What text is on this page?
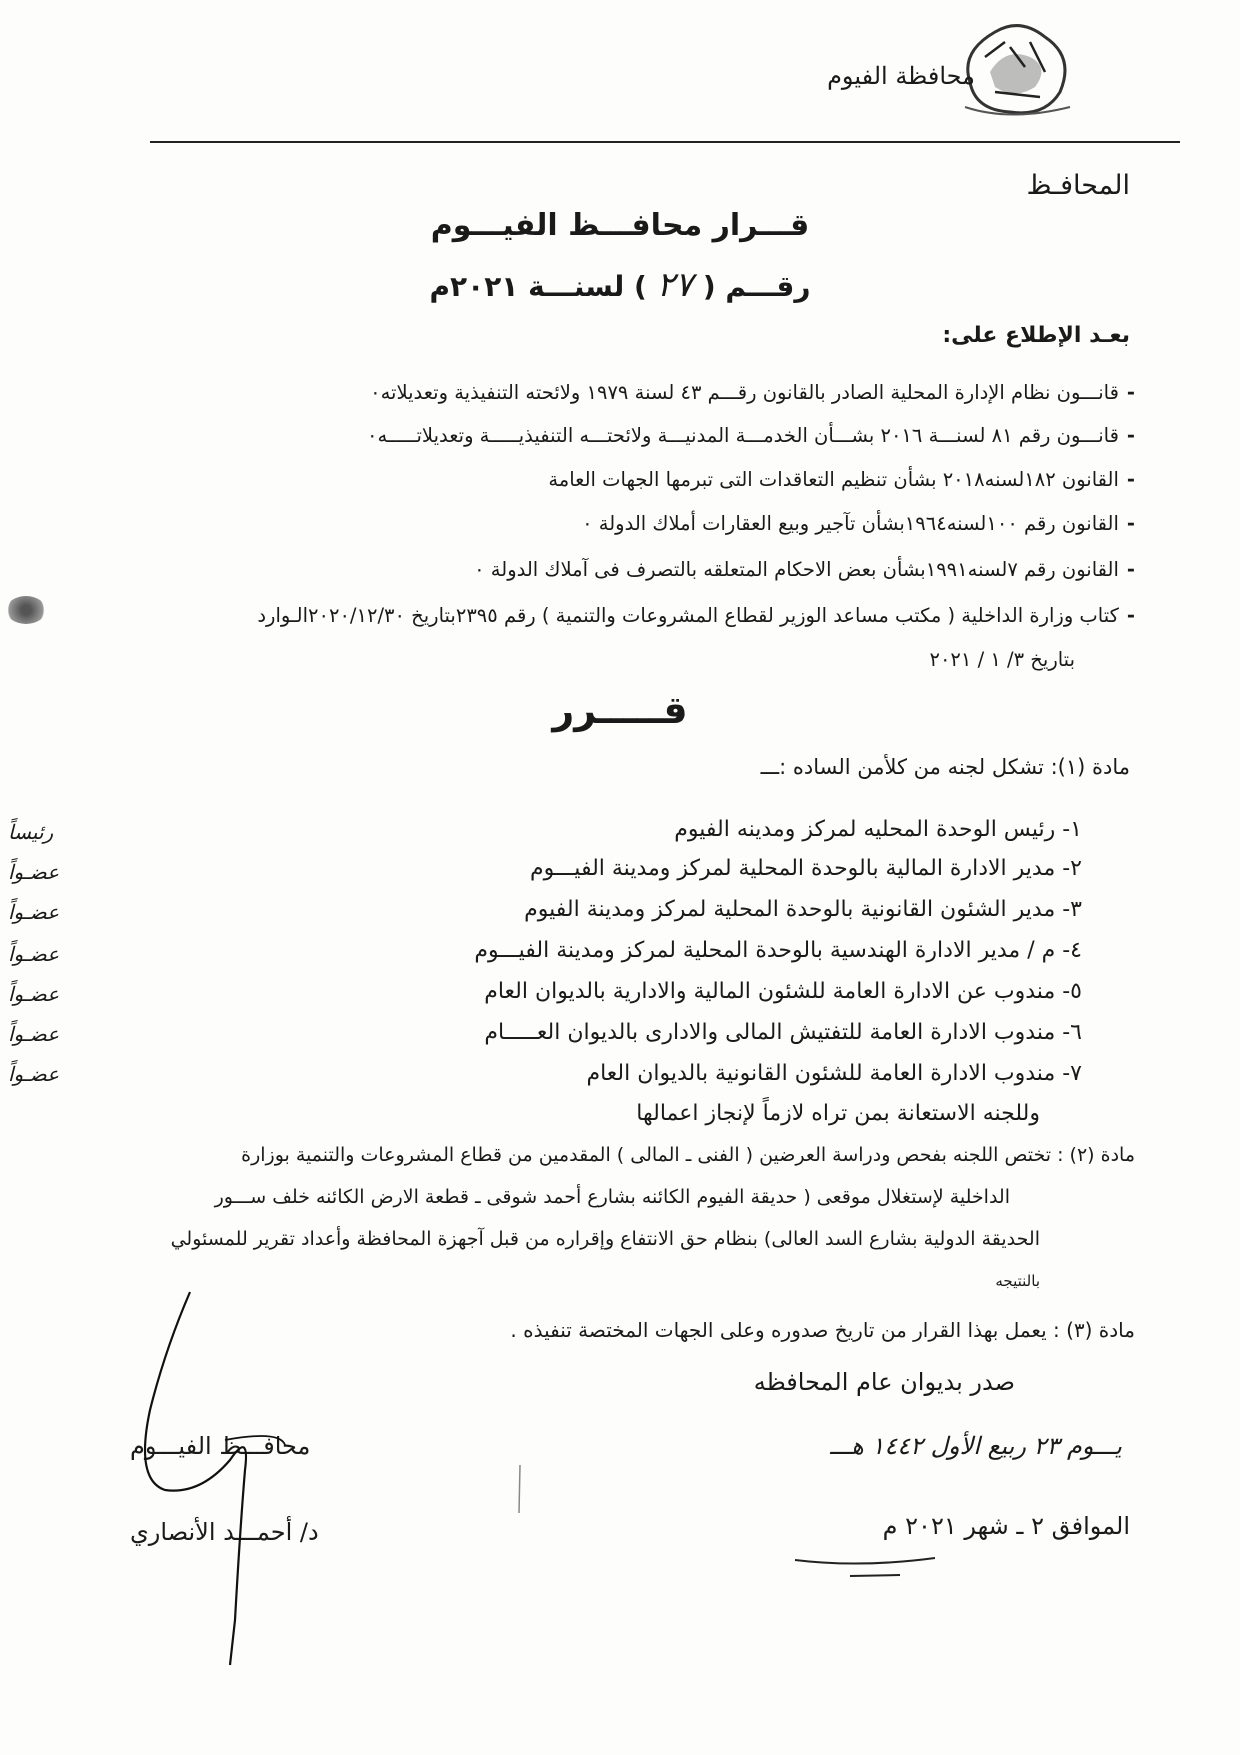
محافظة الفيوم
المحافـظ
قـــرار محافـــظ الفيـــوم
رقـــم ( ٢٧ ) لسنـــة ٢٠٢١م
بعـد الإطلاع على:
-قانـــون نظام الإدارة المحلية الصادر بالقانون رقـــم ٤٣ لسنة ١٩٧٩ ولائحته التنفيذية وتعديلاته٠
-قانـــون رقم ٨١ لسنـــة ٢٠١٦ بشـــأن الخدمـــة المدنيـــة ولائحتـــه التنفيذيـــــة وتعديلاتـــــه٠
-القانون ١٨٢لسنه٢٠١٨ بشأن تنظيم التعاقدات التى تبرمها الجهات العامة
-القانون رقم ١٠٠لسنه١٩٦٤بشأن تآجير وبيع العقارات أملاك الدولة ٠
-القانون رقم ٧لسنه١٩٩١بشأن بعض الاحكام المتعلقه بالتصرف فى آملاك الدولة ٠
-كتاب وزارة الداخلية ( مكتب مساعد الوزير لقطاع المشروعات والتنمية ) رقم ٢٣٩٥بتاريخ ٢٠٢٠/١٢/٣٠الـوارد
بتاريخ ٣/ ١ / ٢٠٢١
قـــــرر
مادة (١): تشكل لجنه من كلأمن الساده :ـــ
١- رئيس الوحدة المحليه لمركز ومدينه الفيوم
رئيساً
٢- مدير الادارة المالية بالوحدة المحلية لمركز ومدينة الفيـــوم
عضـواً
٣- مدير الشئون القانونية بالوحدة المحلية لمركز ومدينة الفيوم
عضـواً
٤- م / مدير الادارة الهندسية بالوحدة المحلية لمركز ومدينة الفيـــوم
عضـواً
٥- مندوب عن الادارة العامة للشئون المالية والادارية بالديوان العام
عضـواً
٦- مندوب الادارة العامة للتفتيش المالى والادارى بالديوان العـــــام
عضـواً
٧- مندوب الادارة العامة للشئون القانونية بالديوان العام
عضـواً
وللجنه الاستعانة بمن تراه لازماً لإنجاز اعمالها
مادة (٢) : تختص اللجنه بفحص ودراسة العرضين ( الفنى ـ المالى ) المقدمين من قطاع المشروعات والتنمية بوزارة
الداخلية لإستغلال موقعى ( حديقة الفيوم الكائنه بشارع أحمد شوقى ـ قطعة الارض الكائنه خلف ســـور
الحديقة الدولية بشارع السد العالى) بنظام حق الانتفاع وإقراره من قبل آجهزة المحافظة وأعداد تقرير للمسئولي
بالنتيجه
مادة (٣) : يعمل بهذا القرار من تاريخ صدوره وعلى الجهات المختصة تنفيذه .
صدر بديوان عام المحافظه
يـــوم ٢٣ ربيع الأول ١٤٤٢ هـــ
الموافق ٢ ـ شهر ٢٠٢١ م
محافـــظ الفيـــوم
د/ أحمـــد الأنصاري
